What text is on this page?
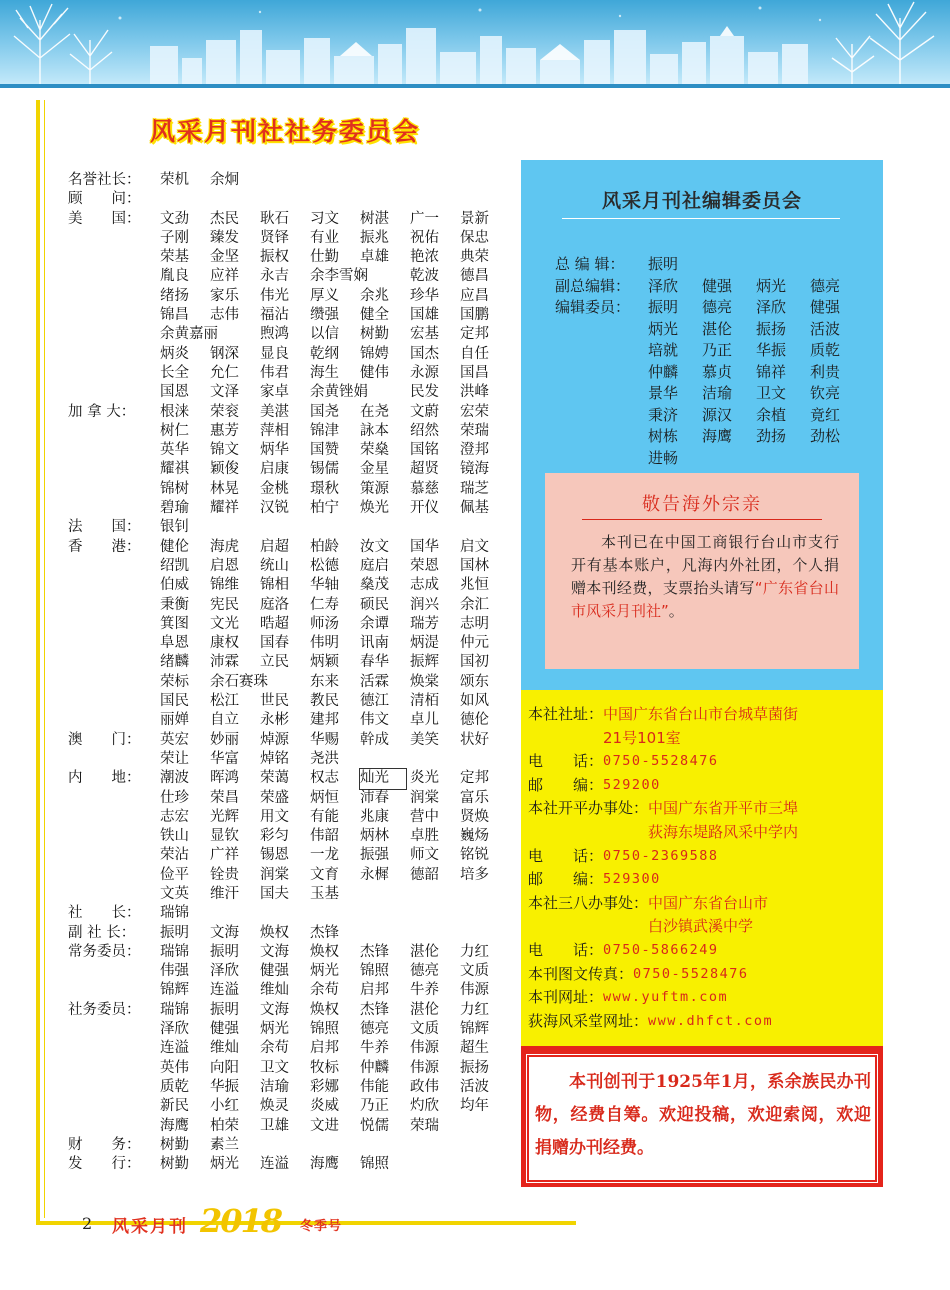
风采月刊社社务委员会
名誉社长：	荣机	余炯
顾　　问：

美　　国：	文劲	杰民	耿石	习文	树湛	广一	景新
子刚	臻发	贤铎	有业	振兆	祝佑	保忠
荣基	金坚	振权	仕勤	卓雄	艳浓	典荣
胤良	应祥	永吉	余李雪娴	乾波	德昌
绪扬	家乐	伟光	厚义	余兆	珍华	应昌
锦昌	志伟	福沾	缵强	健全	国雄	国鹏
余黄嘉丽	煦鸿	以信	树勤	宏基	定邦
炳炎	钢深	显良	乾纲	锦娉	国杰	自任
长全	允仁	伟君	海生	健伟	永源	国昌
国恩	文泽	家卓	余黄锉娟	民发	洪峰
加 拿 大：	根涞	荣衮	美湛	国尧	在尧	文蔚	宏荣
树仁	惠芳	萍相	锦津	詠本	绍然	荣瑞
英华	锦文	炳华	国赞	荣燊	国铭	澄邦
耀祺	颖俊	启康	锡儒	金星	超贤	镜海
锦树	林晃	金桃	璟秋	策源	慕慈	瑞芝
碧瑜	耀祥	汉锐	柏宁	焕光	开仪	佩基
法　　国：	银钊
香　　港：	健伦	海虎	启超	柏龄	汝文	国华	启文
绍凯	启恩	统山	松德	庭启	荣恩	国林
伯威	锦维	锦相	华轴	燊茂	志成	兆恒
秉衡	宪民	庭洛	仁寿	硕民	润兴	余汇
箕图	文光	晧超	师汤	余谭	瑞芳	志明
阜恩	康权	国春	伟明	讯南	炳湜	仲元
绪麟	沛霖	立民	炳颖	春华	振辉	国初
荣标	余石赛珠	东来	活霖	焕棠	颂东
国民	松江	世民	教民	德江	清栢	如风
丽婵	自立	永彬	建邦	伟文	卓儿	德伦
澳　　门：	英宏	妙丽	焯源	华赐	幹成	美笑	状好
荣让	华富	焯铭	尧洪
内　　地：	潮波	晖鸿	荣蔼	权志	灿光	炎光	定邦
仕珍	荣昌	荣盛	炳恒	沛春	润棠	富乐
志宏	光辉	用文	有能	兆康	营中	贤焕
铁山	显钦	彩匀	伟韶	炳林	卓胜	巍炀
荣沾	广祥	锡恩	一龙	振强	师文	铭锐
俭平	铨贵	润棠	文育	永樨	德韶	培多
文英	维汗	国夫	玉基
社　　长：	瑞锦
副 社 长：	振明	文海	焕权	杰锋
常务委员：	瑞锦	振明	文海	焕权	杰锋	湛伦	力红
伟强	泽欣	健强	炳光	锦照	德亮	文质
锦辉	连溢	维灿	余苟	启邦	牛养	伟源
社务委员：	瑞锦	振明	文海	焕权	杰锋	湛伦	力红
泽欣	健强	炳光	锦照	德亮	文质	锦辉
连溢	维灿	余苟	启邦	牛养	伟源	超生
英伟	向阳	卫文	牧标	仲麟	伟源	振扬
质乾	华振	洁瑜	彩娜	伟能	政伟	活波
新民	小红	焕灵	炎威	乃正	灼欣	均年
海鹰	柏荣	卫雄	文进	悦儒	荣瑞
财　　务：	树勤	素兰
发　　行：	树勤	炳光	连溢	海鹰	锦照
2 风采月刊 2018 冬季号
风采月刊社编辑委员会
总 编 辑：	振明
副总编辑：	泽欣	健强	炳光	德亮
编辑委员：	振明	德亮	泽欣	健强
炳光	湛伦	振扬	活波
培就	乃正	华振	质乾
仲麟	慕贞	锦祥	利贵
景华	洁瑜	卫文	钦亮
秉济	源汉	余植	竟红
树栋	海鹰	劲扬	劲松
进畅
敬告海外宗亲
本刊已在中国工商银行台山市支行开有基本账户，凡海内外社团，个人捐赠本刊经费，支票抬头请写“广东省台山市风采月刊社”。
本社社址： 中国广东省台山市台城草菌街

21号101室
电　　话： 0750-5528476
邮　　编： 529200
本社开平办事处： 中国广东省开平市三埠

荻海东堤路风采中学内
电　　话： 0750-2369588
邮　　编： 529300
本社三八办事处： 中国广东省台山市

白沙镇武溪中学
电　　话： 0750-5866249
本刊图文传真： 0750-5528476
本刊网址： www.yuftm.com
荻海风采堂网址： www.dhfct.com
本刊创刊于1925年1月，系余族民办刊物，经费自筹。欢迎投稿，欢迎索阅，欢迎捐赠办刊经费。
